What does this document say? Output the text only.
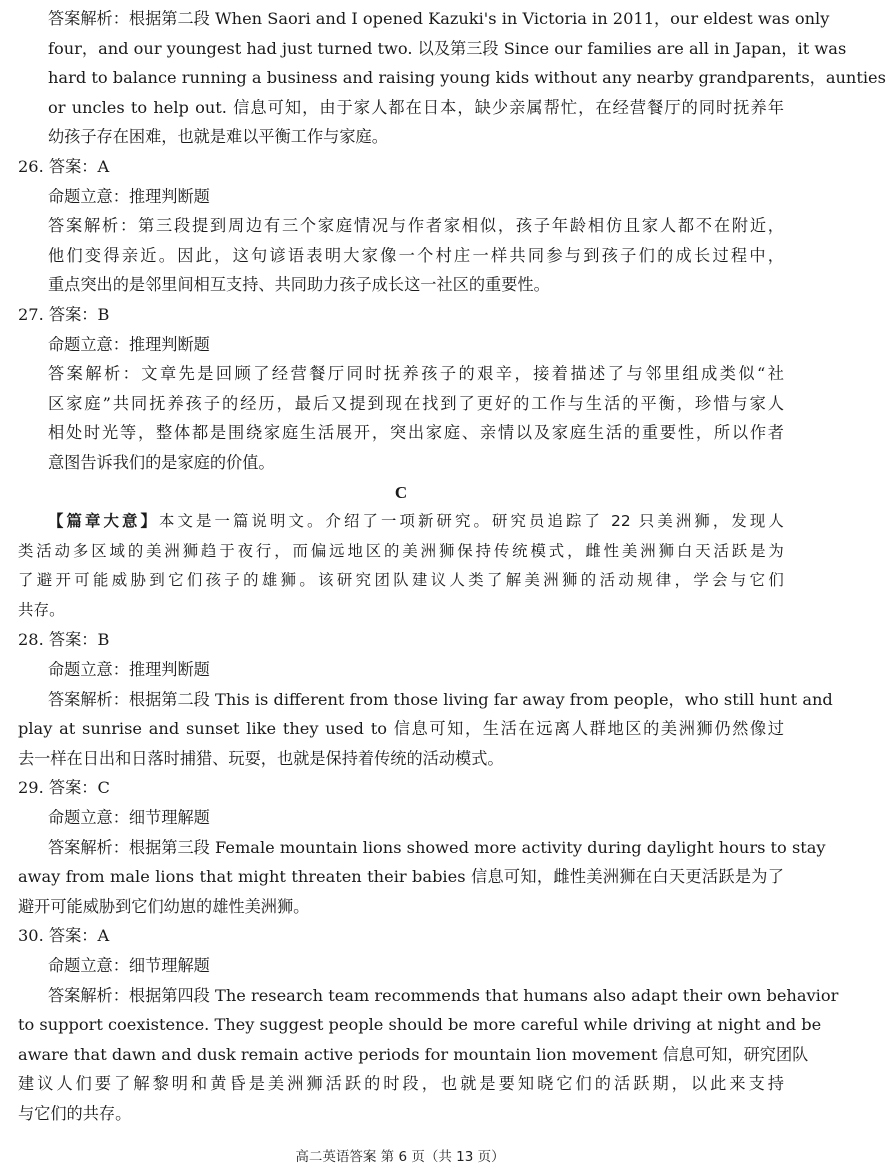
答案解析：根据第二段 When Saori and I opened Kazuki's in Victoria in 2011，our eldest was only
four，and our youngest had just turned two. 以及第三段 Since our families are all in Japan，it was
hard to balance running a business and raising young kids without any nearby grandparents，aunties
or uncles to help out. 信息可知，由于家人都在日本，缺少亲属帮忙，在经营餐厅的同时抚养年
幼孩子存在困难，也就是难以平衡工作与家庭。
26. 答案：A
命题立意：推理判断题
答案解析：第三段提到周边有三个家庭情况与作者家相似，孩子年龄相仿且家人都不在附近，
他们变得亲近。因此，这句谚语表明大家像一个村庄一样共同参与到孩子们的成长过程中，
重点突出的是邻里间相互支持、共同助力孩子成长这一社区的重要性。
27. 答案：B
命题立意：推理判断题
答案解析：文章先是回顾了经营餐厅同时抚养孩子的艰辛，接着描述了与邻里组成类似“社
区家庭”共同抚养孩子的经历，最后又提到现在找到了更好的工作与生活的平衡，珍惜与家人
相处时光等，整体都是围绕家庭生活展开，突出家庭、亲情以及家庭生活的重要性，所以作者
意图告诉我们的是家庭的价值。
C
【篇章大意】本文是一篇说明文。介绍了一项新研究。研究员追踪了 22 只美洲狮，发现人
类活动多区域的美洲狮趋于夜行，而偏远地区的美洲狮保持传统模式，雌性美洲狮白天活跃是为
了避开可能威胁到它们孩子的雄狮。该研究团队建议人类了解美洲狮的活动规律，学会与它们
共存。
28. 答案：B
命题立意：推理判断题
答案解析：根据第二段 This is different from those living far away from people，who still hunt and
play at sunrise and sunset like they used to 信息可知，生活在远离人群地区的美洲狮仍然像过
去一样在日出和日落时捕猎、玩耍，也就是保持着传统的活动模式。
29. 答案：C
命题立意：细节理解题
答案解析：根据第三段 Female mountain lions showed more activity during daylight hours to stay
away from male lions that might threaten their babies 信息可知，雌性美洲狮在白天更活跃是为了
避开可能威胁到它们幼崽的雄性美洲狮。
30. 答案：A
命题立意：细节理解题
答案解析：根据第四段 The research team recommends that humans also adapt their own behavior
to support coexistence. They suggest people should be more careful while driving at night and be
aware that dawn and dusk remain active periods for mountain lion movement 信息可知，研究团队
建议人们要了解黎明和黄昏是美洲狮活跃的时段，也就是要知晓它们的活跃期，以此来支持
与它们的共存。
高二英语答案 第 6 页（共 13 页）
